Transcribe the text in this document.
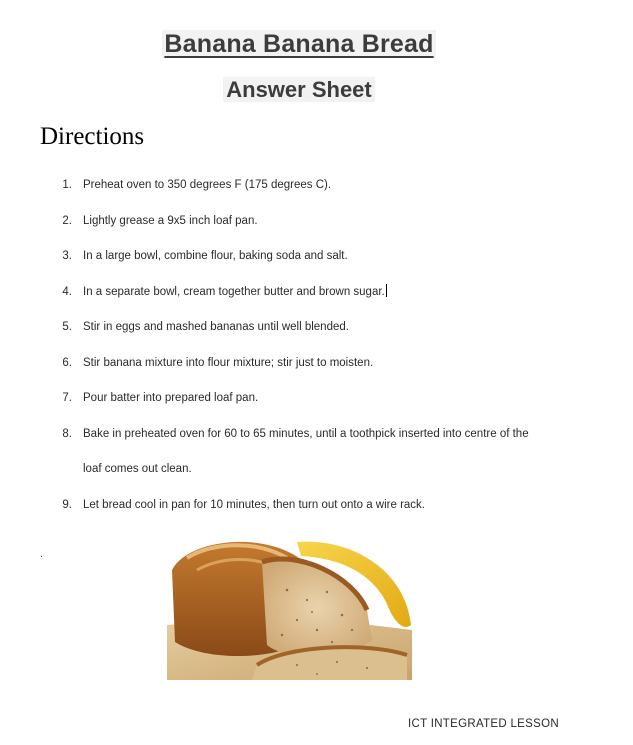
Banana Banana Bread
Answer Sheet
Directions
1. Preheat oven to 350 degrees F (175 degrees C).
2. Lightly grease a 9x5 inch loaf pan.
3. In a large bowl, combine flour, baking soda and salt.
4. In a separate bowl, cream together butter and brown sugar.
5. Stir in eggs and mashed bananas until well blended.
6. Stir banana mixture into flour mixture; stir just to moisten.
7. Pour batter into prepared loaf pan.
8. Bake in preheated oven for 60 to 65 minutes, until a toothpick inserted into centre of the
loaf comes out clean.
9. Let bread cool in pan for 10 minutes, then turn out onto a wire rack.
.
ICT INTEGRATED LESSON
